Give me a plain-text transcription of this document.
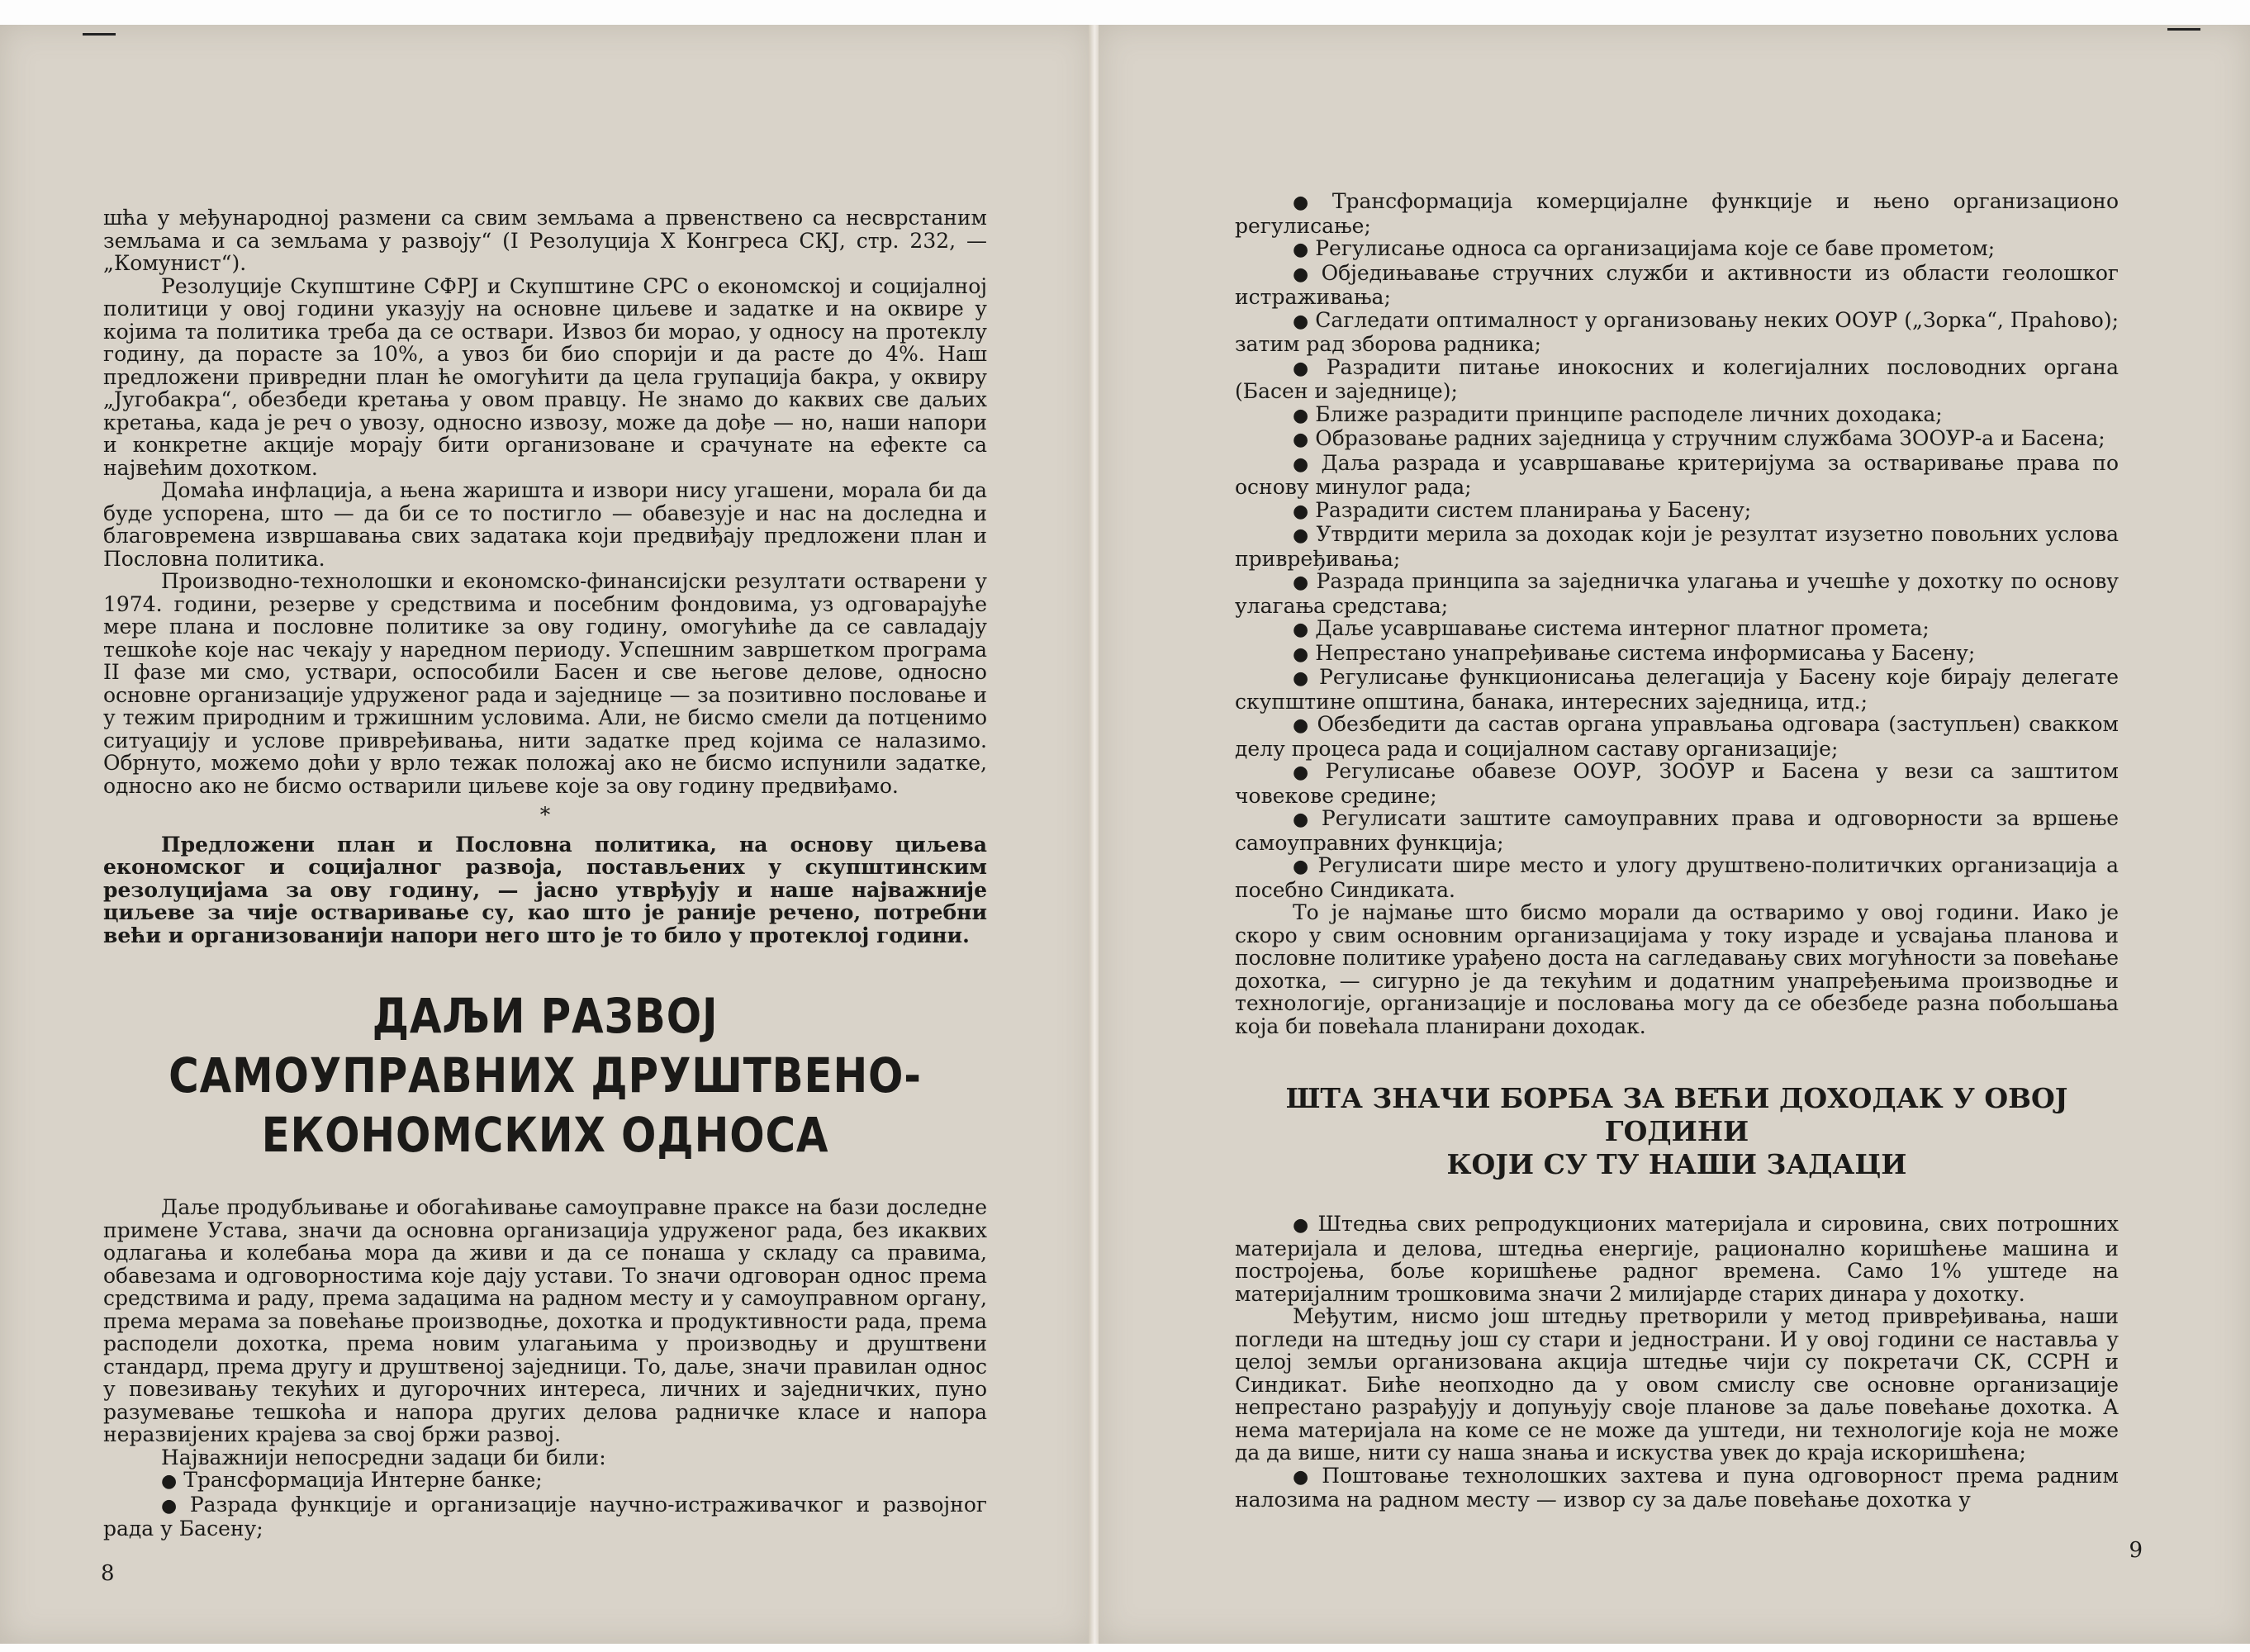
шћа у међународној размени са свим земљама а првенствено са несврстаним земљама и са земљама у развоју“ (I Резолуција X Конгреса СКЈ, стр. 232, — „Комунист“).

Резолуције Скупштине СФРЈ и Скупштине СРС о економској и социјалној политици у овој години указују на основне циљеве и задатке и на оквире у којима та политика треба да се оствари. Извоз би морао, у односу на протеклу годину, да порасте за 10%, а увоз би био спорији и да расте до 4%. Наш предложени привредни план ће омогућити да цела групација бакра, у оквиру „Југобакра“, обезбеди кретања у овом правцу. Не знамо до каквих све даљих кретања, када је реч о увозу, односно извозу, може да дође — но, наши напори и конкретне акције морају бити организоване и срачунате на ефекте са највећим дохотком.

Домаћа инфлација, а њена жаришта и извори нису угашени, морала би да буде успорена, што — да би се то постигло — обавезује и нас на доследна и благовремена извршавања свих задатака који предвиђају предложени план и Пословна политика.

Производно-технолошки и економско-финансијски резултати остварени у 1974. години, резерве у средствима и посебним фондовима, уз одговарајуће мере плана и пословне политике за ову годину, омогућиће да се савладају тешкоће које нас чекају у наредном периоду. Успешним завршетком програма II фазе ми смо, уствари, оспособили Басен и све његове делове, односно основне организације удруженог рада и заједнице — за позитивно пословање и у тежим природним и тржишним условима. Али, не бисмо смели да потценимо ситуацију и услове привређивања, нити задатке пред којима се налазимо. Обрнуто, можемо доћи у врло тежак положај ако не бисмо испунили задатке, односно ако не бисмо остварили циљеве које за ову годину предвиђамо.

*

Предложени план и Пословна политика, на основу циљева економског и социјалног развоја, постављених у скупштинским резолуцијама за ову годину, — јасно утврђују и наше најважније циљеве за чије остваривање су, као што је раније речено, потребни већи и организованији напори него што је то било у протеклој години.

ДАЉИ РАЗВОЈ САМОУПРАВНИХ ДРУШТВЕНО-
ЕКОНОМСКИХ ОДНОСА

Даље продубљивање и обогаћивање самоуправне праксе на бази доследне примене Устава, значи да основна организација удруженог рада, без икаквих одлагања и колебања мора да живи и да се понаша у складу са правима, обавезама и одговорностима које дају устави. То значи одговоран однос према средствима и раду, према задацима на радном месту и у самоуправном органу, према мерама за повећање производње, дохотка и продуктивности рада, према расподели дохотка, према новим улагањима у производњу и друштвени стандард, према другу и друштвеној заједници. То, даље, значи правилан однос у повезивању текућих и дугорочних интереса, личних и заједничких, пуно разумевање тешкоћа и напора других делова радничке класе и напора неразвијених крајева за свој бржи развој.

Најважнији непосредни задаци би били:

● Трансформација Интерне банке;

● Разрада функције и организације научно-истраживачког и развојног рада у Басену;

8

● Трансформација комерцијалне функције и њено организационо регулисање;

● Регулисање односа са организацијама које се баве прометом;

● Обједињавање стручних служби и активности из области геолошког истраживања;

● Сагледати оптималност у организовању неких ООУР („Зорка“, Праhово); затим рад зборова радника;

● Разрадити питање инокосних и колегијалних пословодних органа (Басен и заједнице);

● Ближе разрадити принципе расподеле личних доходака;

● Образовање радних заједница у стручним службама ЗООУР-а и Басена;

● Даља разрада и усавршавање критеријума за остваривање права по основу минулог рада;

● Разрадити систем планирања у Басену;

● Утврдити мерила за доходак који је резултат изузетно повољних услова привређивања;

● Разрада принципа за заједничка улагања и учешће у дохотку по основу улагања средстава;

● Даље усавршавање система интерног платног промета;

● Непрестано унапређивање система информисања у Басену;

● Регулисање функционисања делегација у Басену које бирају делегате скупштине општина, банака, интересних заједница, итд.;

● Обезбедити да састав органа управљања одговара (заступљен) свакком делу процеса рада и социјалном саставу организације;

● Регулисање обавезе ООУР, ЗООУР и Басена у вези са заштитом човекове средине;

● Регулисати заштите самоуправних права и одговорности за вршење самоуправних функција;

● Регулисати шире место и улогу друштвено-политичких организација а посебно Синдиката.

То је најмање што бисмо морали да остваримо у овој години. Иако је скоро у свим основним организацијама у току израде и усвајања планова и пословне политике урађено доста на сагледавању свих могућности за повећање дохотка, — сигурно је да текућим и додатним унапређењима производње и технологије, организације и пословања могу да се обезбеде разна побољшања која би повећала планирани доходак.

ШТА ЗНАЧИ БОРБА ЗА ВЕЋИ ДОХОДАК У ОВОЈ ГОДИНИ
КОЈИ СУ ТУ НАШИ ЗАДАЦИ

● Штедња свих репродукционих материјала и сировина, свих потрошних материјала и делова, штедња енергије, рационално коришћење машина и постројења, боље коришћење радног времена. Само 1% уштеде на материјалним трошковима значи 2 милијарде старих динара у дохотку.

Међутим, нисмо још штедњу претворили у метод привређивања, наши погледи на штедњу још су стари и једнострани. И у овој години се наставља у целој земљи организована акција штедње чији су покретачи СК, ССРН и Синдикат. Биће неопходно да у овом смислу све основне организације непрестано разрађују и допуњују своје планове за даље повећање дохотка. А нема материјала на коме се не може да уштеди, ни технологије која не може да да више, нити су наша знања и искуства увек до краја искоришћена;

● Поштовање технолошких захтева и пуна одговорност према радним налозима на радном месту — извор су за даље повећање дохотка у

9
